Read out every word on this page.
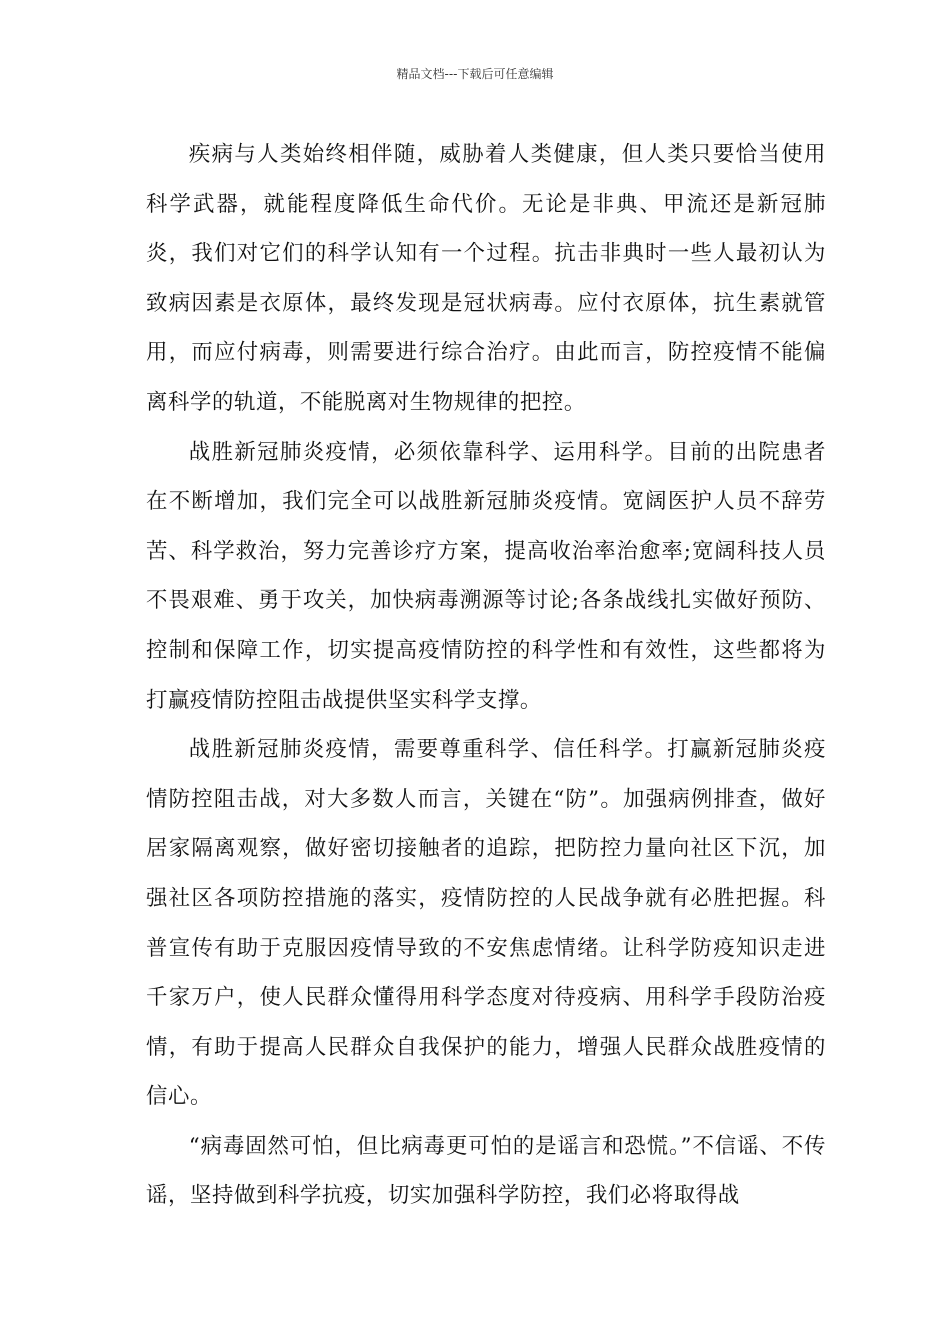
精品文档---下载后可任意编辑

疾病与人类始终相伴随，威胁着人类健康，但人类只要恰当使用科学武器，就能程度降低生命代价。无论是非典、甲流还是新冠肺炎，我们对它们的科学认知有一个过程。抗击非典时一些人最初认为致病因素是衣原体，最终发现是冠状病毒。应付衣原体，抗生素就管用，而应付病毒，则需要进行综合治疗。由此而言，防控疫情不能偏离科学的轨道，不能脱离对生物规律的把控。

战胜新冠肺炎疫情，必须依靠科学、运用科学。目前的出院患者在不断增加，我们完全可以战胜新冠肺炎疫情。宽阔医护人员不辞劳苦、科学救治，努力完善诊疗方案，提高收治率治愈率;宽阔科技人员不畏艰难、勇于攻关，加快病毒溯源等讨论;各条战线扎实做好预防、控制和保障工作，切实提高疫情防控的科学性和有效性，这些都将为打赢疫情防控阻击战提供坚实科学支撑。

战胜新冠肺炎疫情，需要尊重科学、信任科学。打赢新冠肺炎疫情防控阻击战，对大多数人而言，关键在“防”。加强病例排查，做好居家隔离观察，做好密切接触者的追踪，把防控力量向社区下沉，加强社区各项防控措施的落实，疫情防控的人民战争就有必胜把握。科普宣传有助于克服因疫情导致的不安焦虑情绪。让科学防疫知识走进千家万户，使人民群众懂得用科学态度对待疫病、用科学手段防治疫情，有助于提高人民群众自我保护的能力，增强人民群众战胜疫情的信心。

“病毒固然可怕，但比病毒更可怕的是谣言和恐慌。”不信谣、不传谣，坚持做到科学抗疫，切实加强科学防控，我们必将取得战
